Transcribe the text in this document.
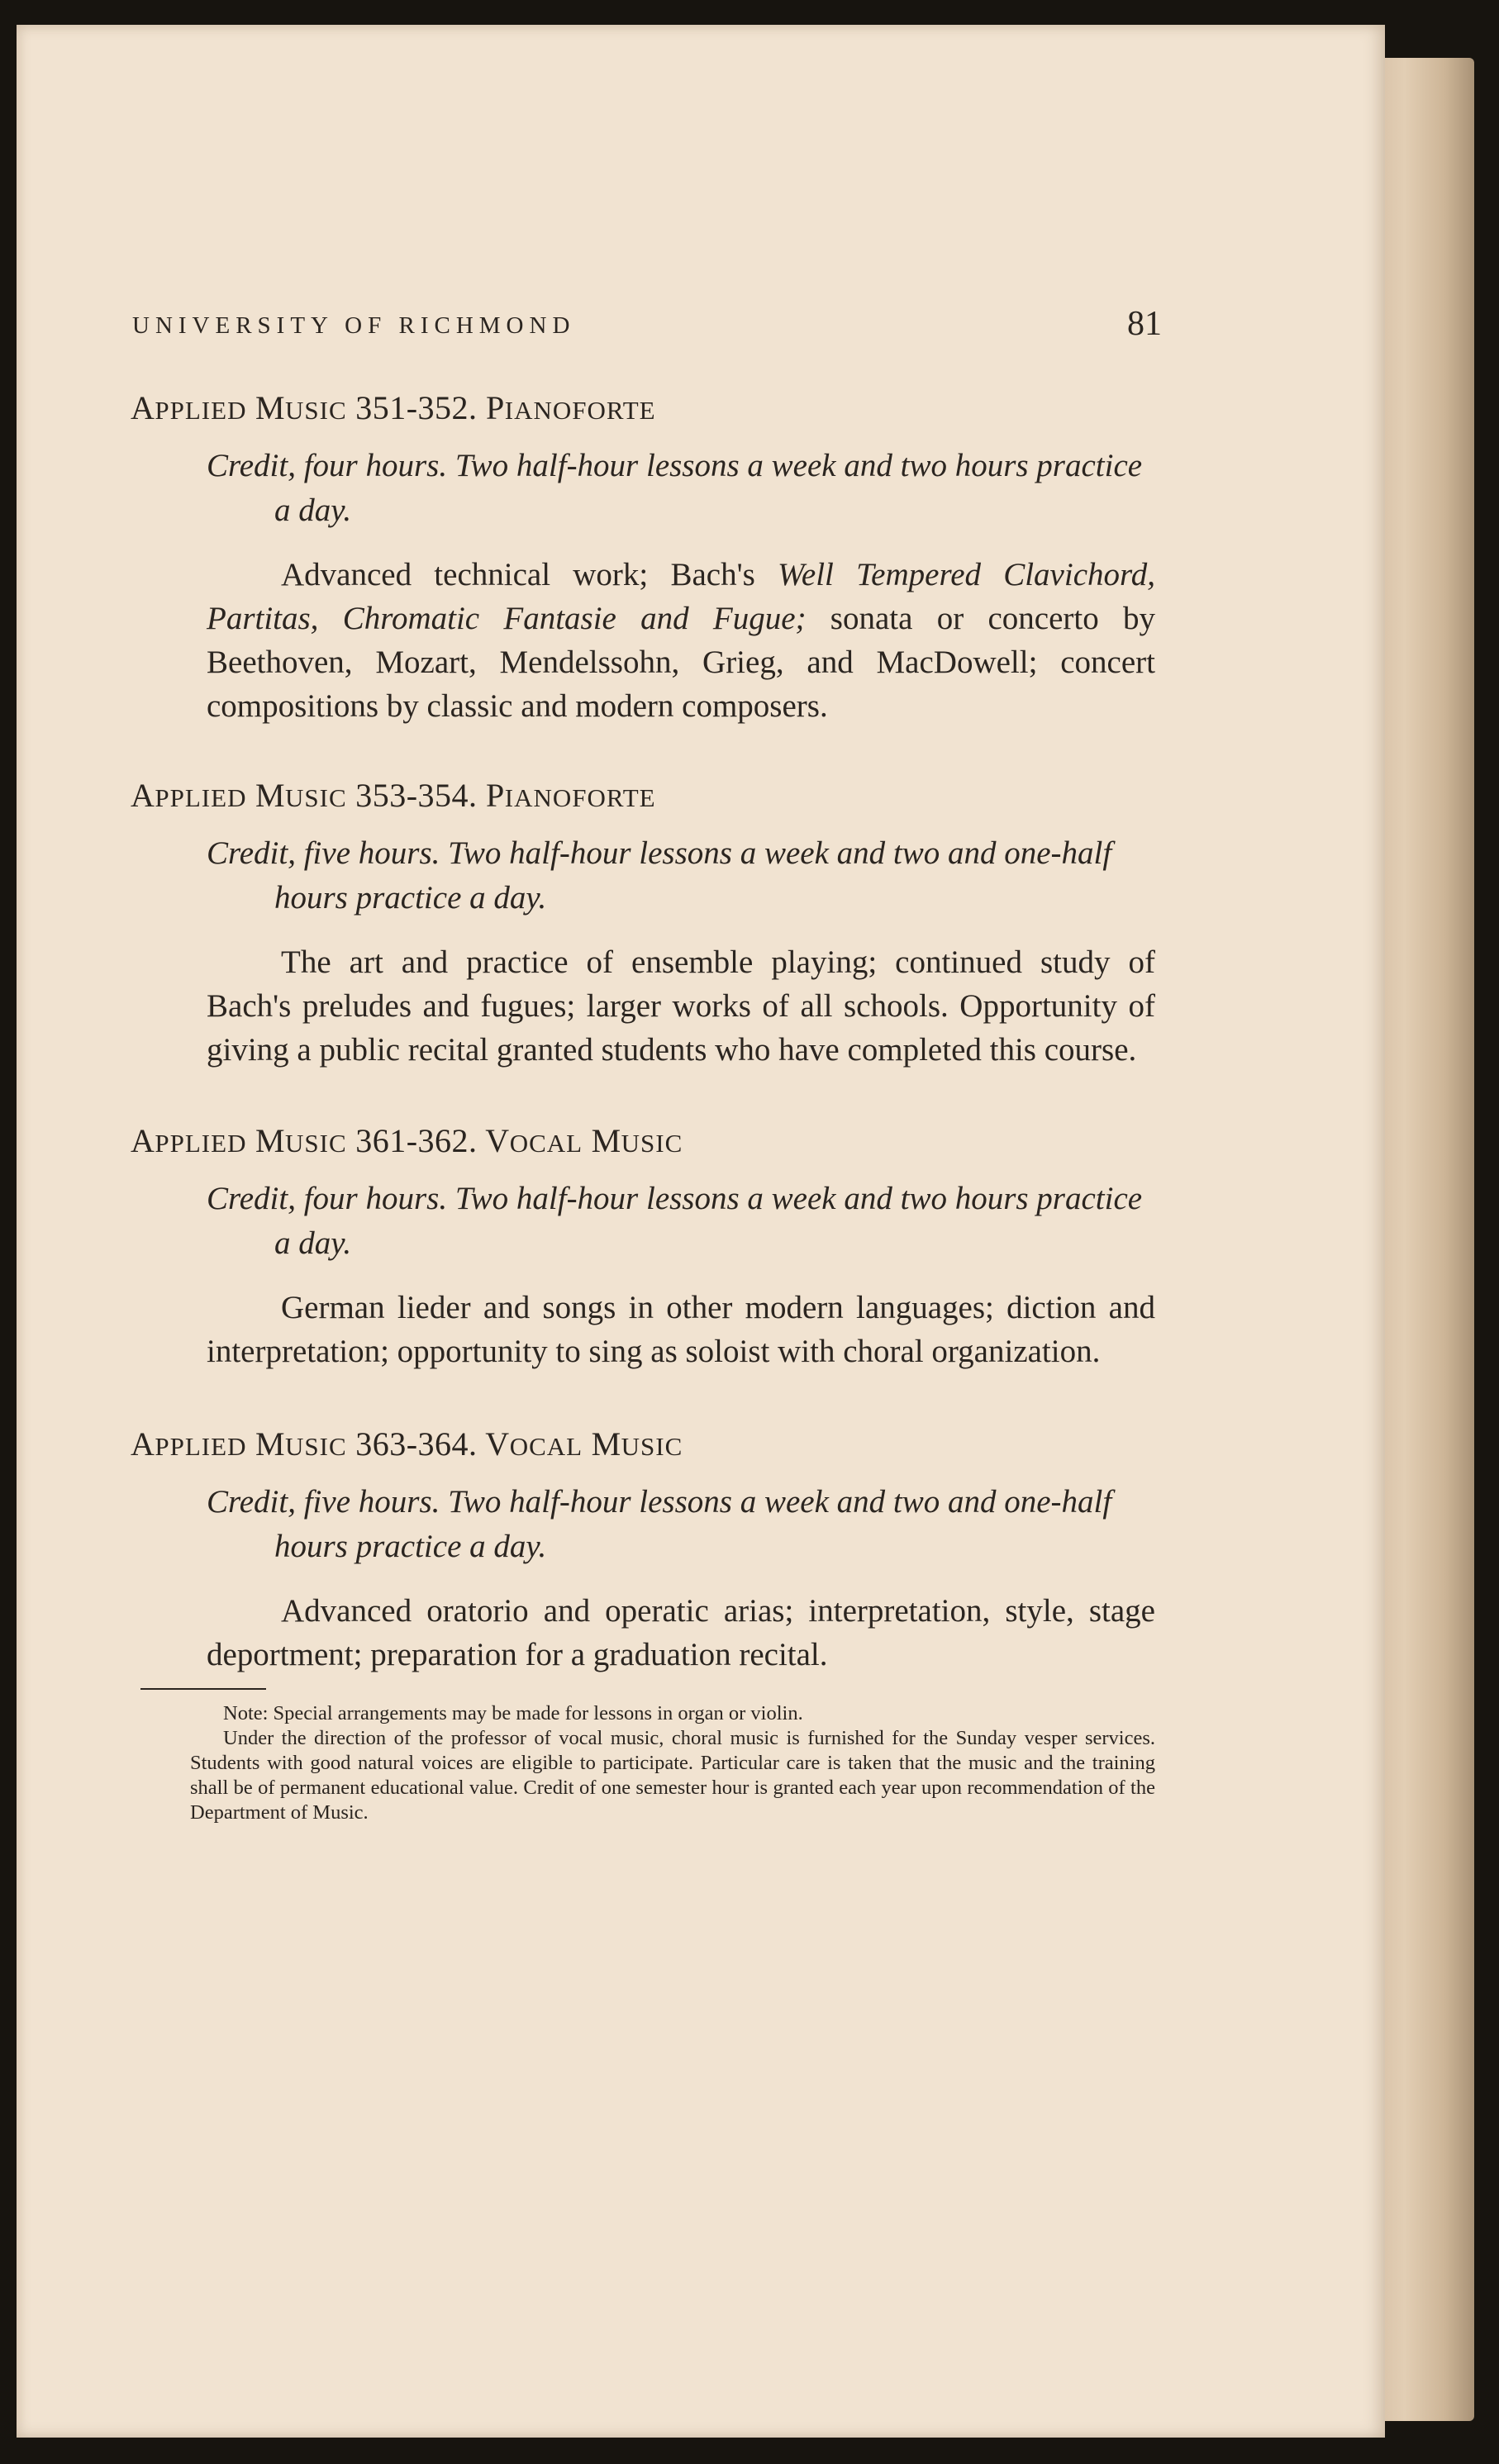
UNIVERSITY OF RICHMOND	81

APPLIED MUSIC 351-352. PIANOFORTE

Credit, four hours. Two half-hour lessons a week and two hours practice a day.

Advanced technical work; Bach's Well Tempered Clavichord, Partitas, Chromatic Fantasie and Fugue; sonata or concerto by Beethoven, Mozart, Mendelssohn, Grieg, and MacDowell; concert compositions by classic and modern composers.

APPLIED MUSIC 353-354. PIANOFORTE

Credit, five hours. Two half-hour lessons a week and two and one-half hours practice a day.

The art and practice of ensemble playing; continued study of Bach's preludes and fugues; larger works of all schools. Opportunity of giving a public recital granted students who have completed this course.

APPLIED MUSIC 361-362. VOCAL MUSIC

Credit, four hours. Two half-hour lessons a week and two hours practice a day.

German lieder and songs in other modern languages; diction and interpretation; opportunity to sing as soloist with choral organization.

APPLIED MUSIC 363-364. VOCAL MUSIC

Credit, five hours. Two half-hour lessons a week and two and one-half hours practice a day.

Advanced oratorio and operatic arias; interpretation, style, stage deportment; preparation for a graduation recital.

Note: Special arrangements may be made for lessons in organ or violin.

Under the direction of the professor of vocal music, choral music is furnished for the Sunday vesper services. Students with good natural voices are eligible to participate. Particular care is taken that the music and the training shall be of permanent educational value. Credit of one semester hour is granted each year upon recommendation of the Department of Music.
